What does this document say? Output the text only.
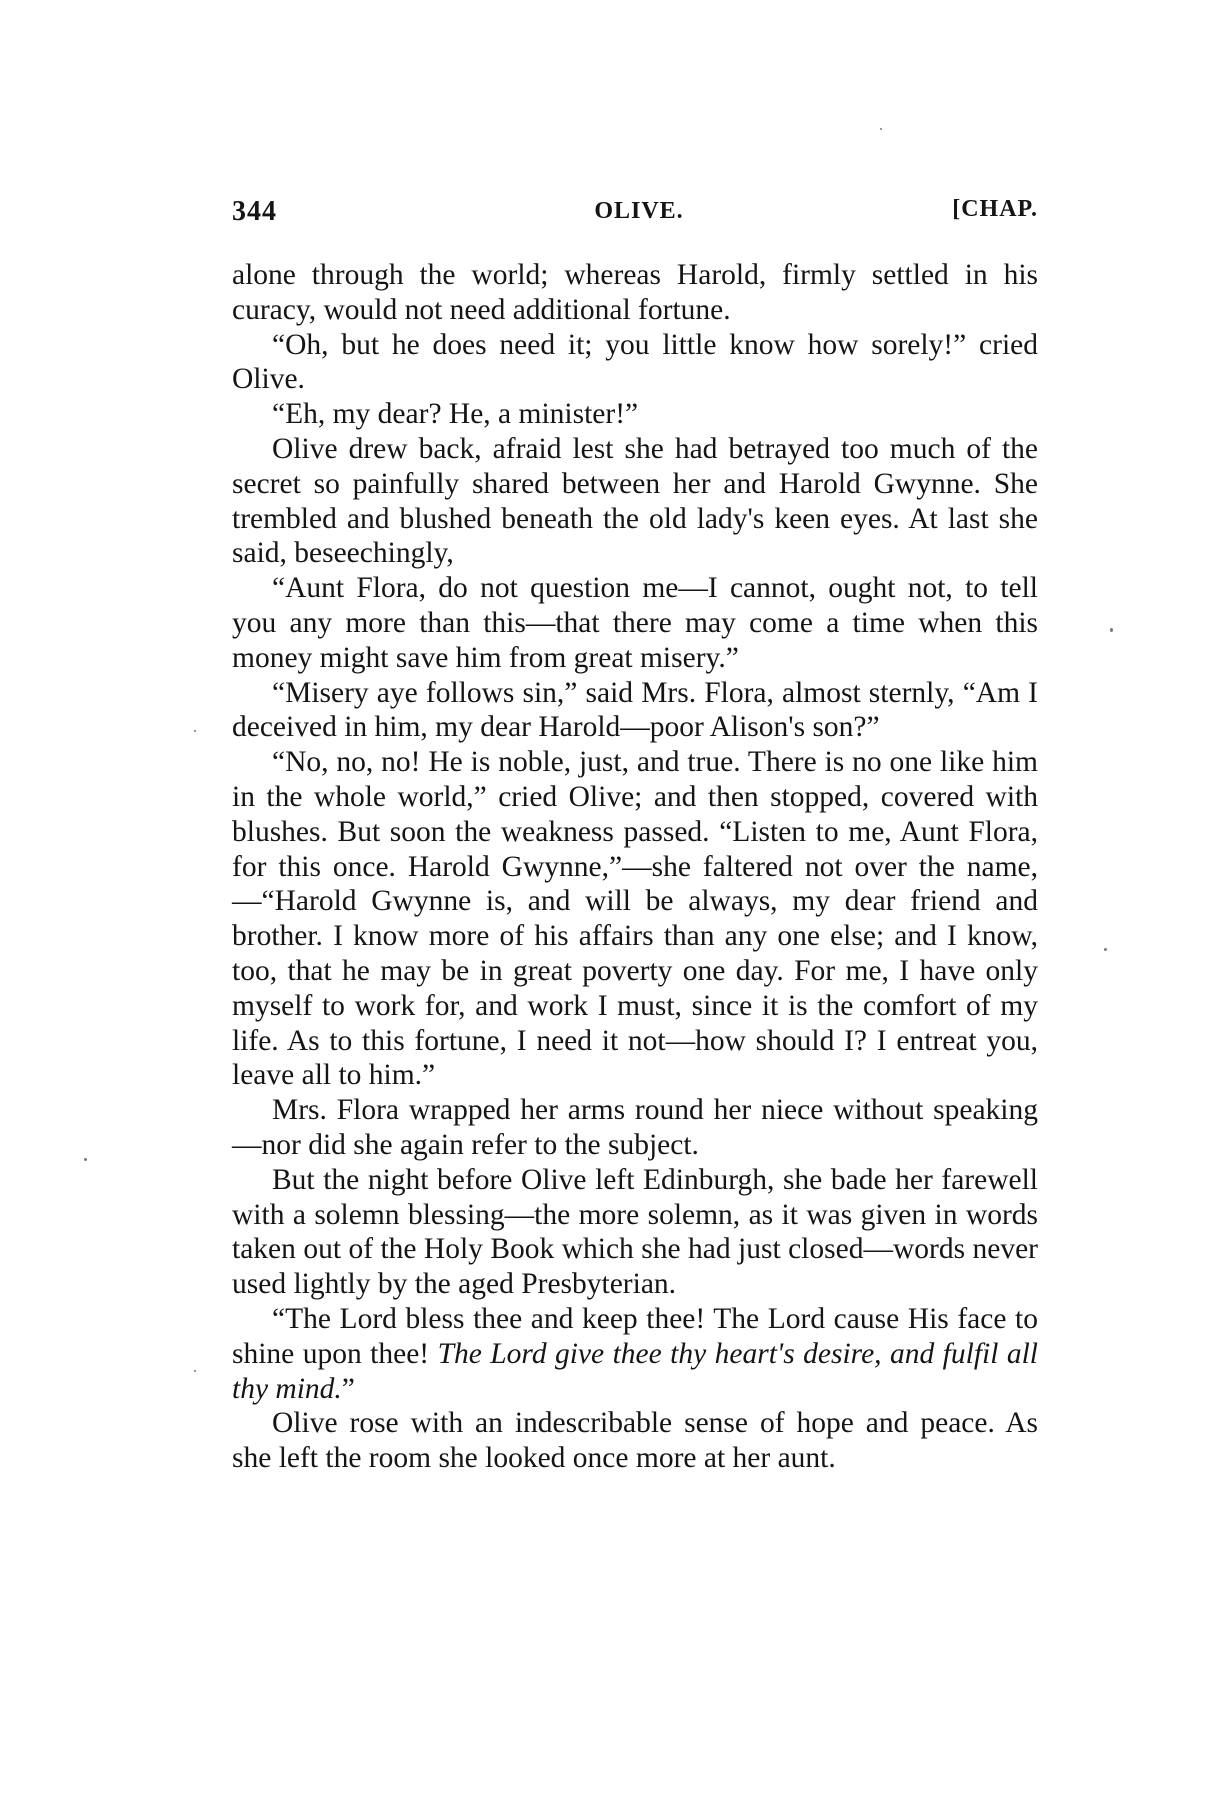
344	OLIVE.	[CHAP.

alone through the world; whereas Harold, firmly settled in his curacy, would not need additional fortune.

“Oh, but he does need it; you little know how sorely!” cried Olive.

“Eh, my dear? He, a minister!”

Olive drew back, afraid lest she had betrayed too much of the secret so painfully shared between her and Harold Gwynne. She trembled and blushed beneath the old lady's keen eyes. At last she said, beseechingly,

“Aunt Flora, do not question me—I cannot, ought not, to tell you any more than this—that there may come a time when this money might save him from great misery.”

“Misery aye follows sin,” said Mrs. Flora, almost sternly, “Am I deceived in him, my dear Harold—poor Alison's son?”

“No, no, no! He is noble, just, and true. There is no one like him in the whole world,” cried Olive; and then stopped, covered with blushes. But soon the weakness passed. “Listen to me, Aunt Flora, for this once. Harold Gwynne,”—she faltered not over the name,—“Harold Gwynne is, and will be always, my dear friend and brother. I know more of his affairs than any one else; and I know, too, that he may be in great poverty one day. For me, I have only myself to work for, and work I must, since it is the comfort of my life. As to this fortune, I need it not—how should I? I entreat you, leave all to him.”

Mrs. Flora wrapped her arms round her niece without speaking—nor did she again refer to the subject.

But the night before Olive left Edinburgh, she bade her farewell with a solemn blessing—the more solemn, as it was given in words taken out of the Holy Book which she had just closed—words never used lightly by the aged Presbyterian.

“The Lord bless thee and keep thee! The Lord cause His face to shine upon thee! The Lord give thee thy heart's desire, and fulfil all thy mind.”

Olive rose with an indescribable sense of hope and peace. As she left the room she looked once more at her aunt.
